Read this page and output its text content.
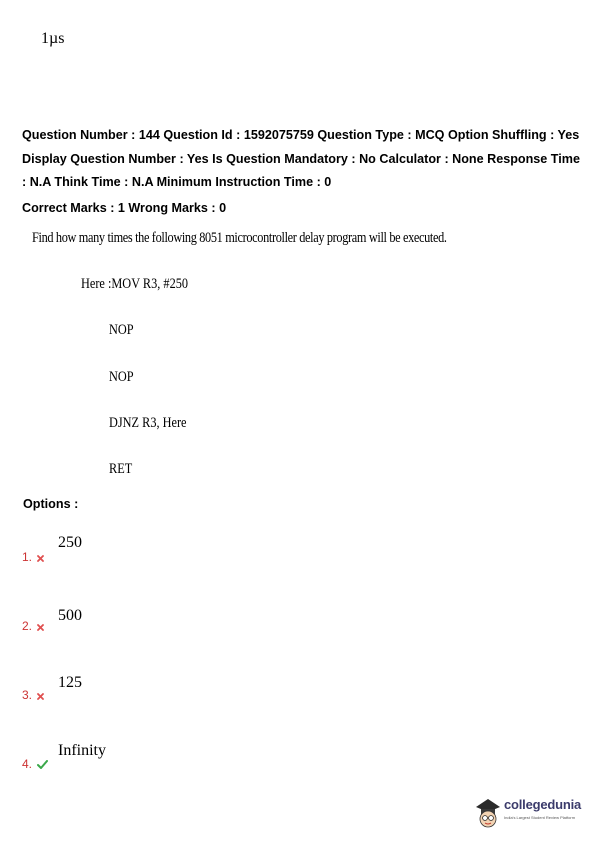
1µs
Question Number : 144 Question Id : 1592075759 Question Type : MCQ Option Shuffling : Yes
Display Question Number : Yes Is Question Mandatory : No Calculator : None Response Time
: N.A Think Time : N.A Minimum Instruction Time : 0
Correct Marks : 1 Wrong Marks : 0
Find how many times the following 8051 microcontroller delay program will be executed.
Here :MOV R3, #250
NOP
NOP
DJNZ R3, Here
RET
Options :
1.
250
2.
500
3.
125
4.
Infinity
collegedunia
India's Largest Student Review Platform
